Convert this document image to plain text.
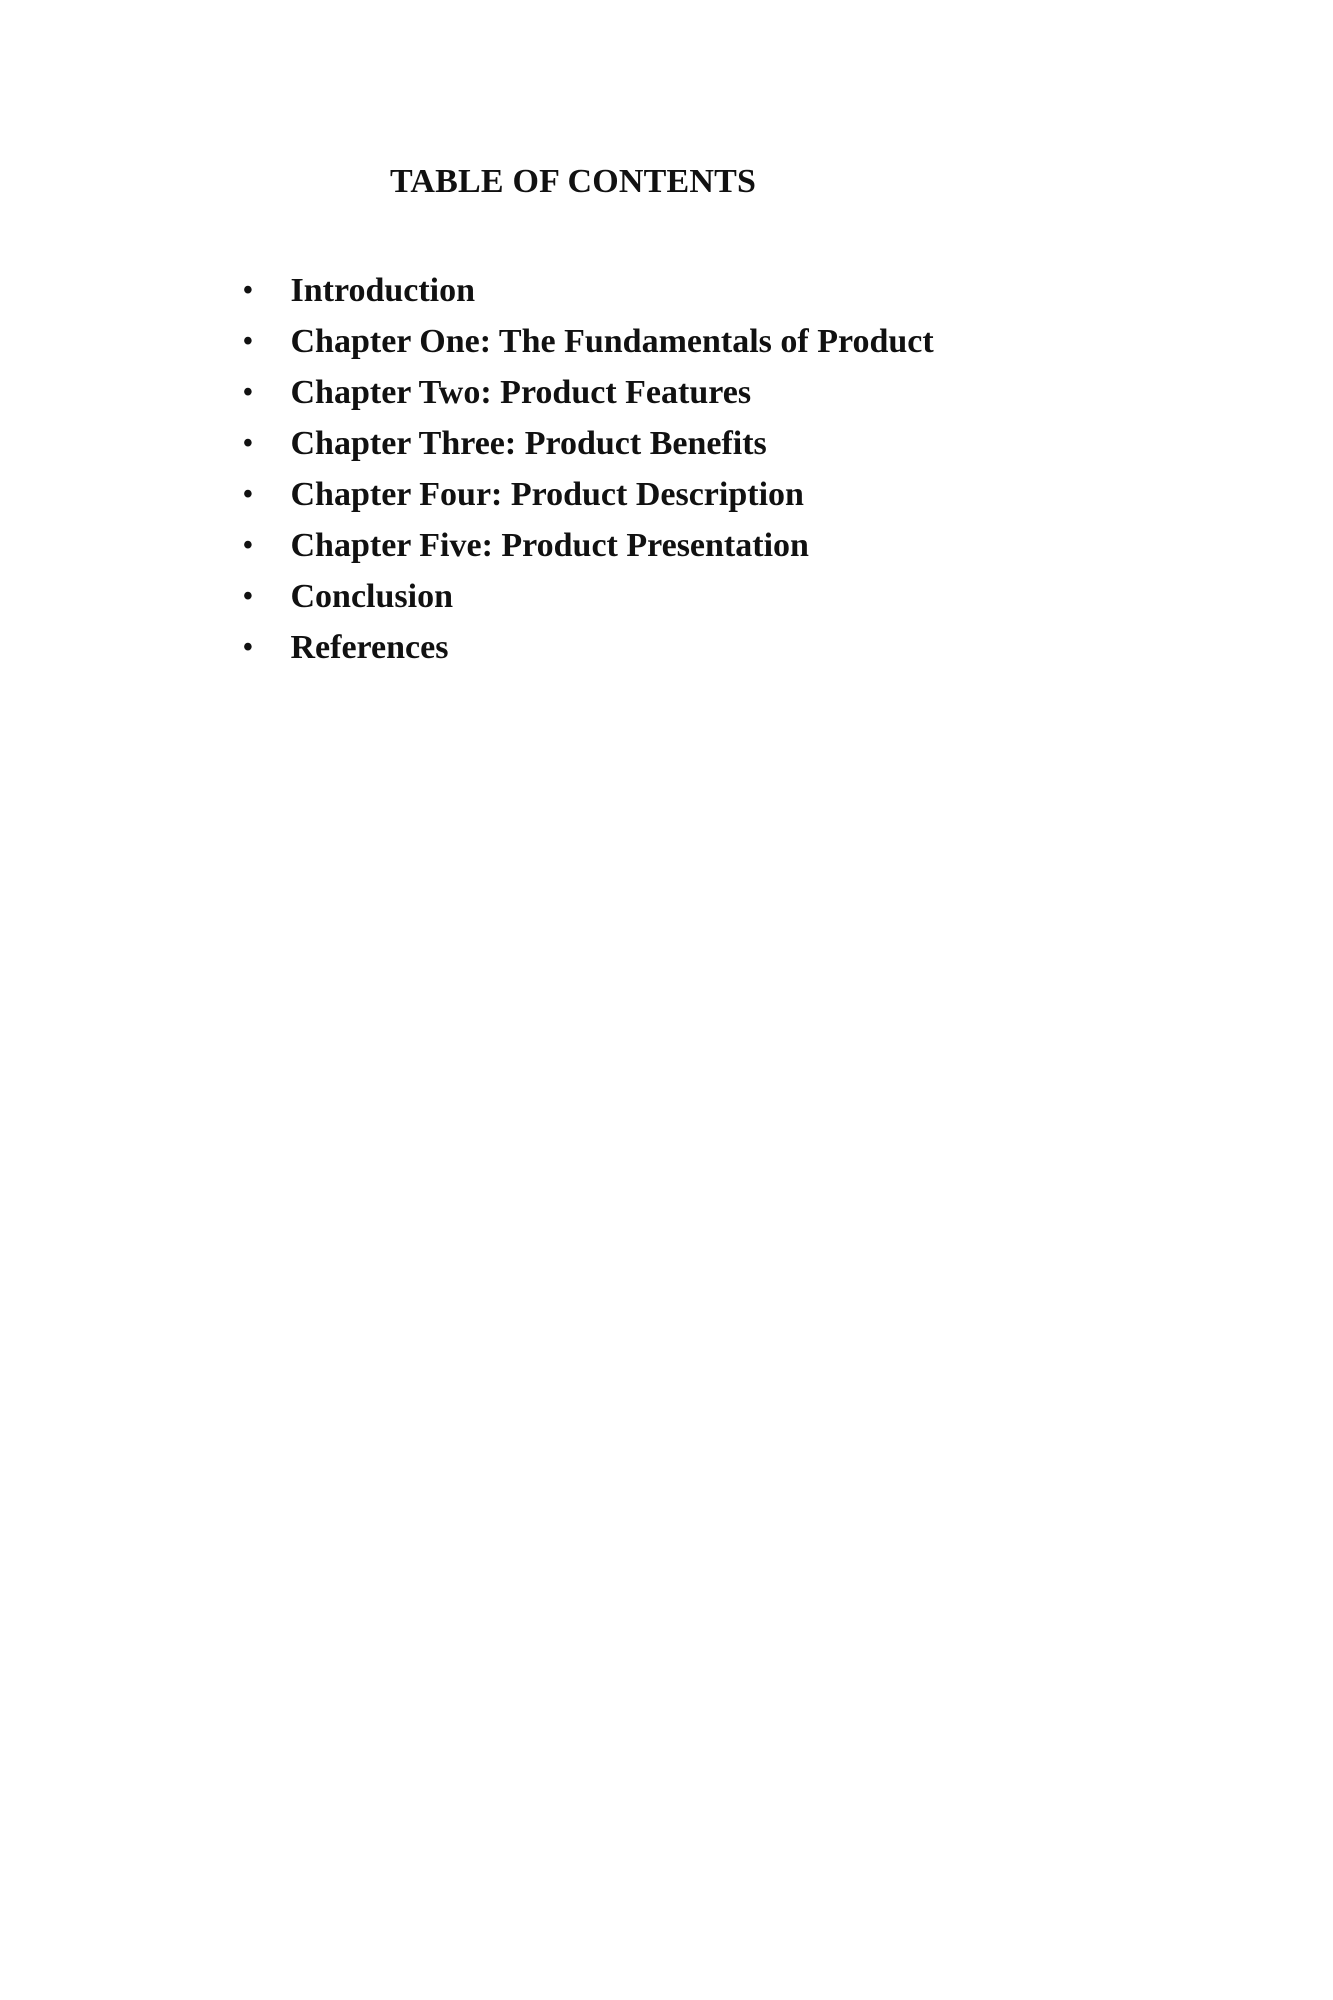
TABLE OF CONTENTS
• Introduction
• Chapter One: The Fundamentals of Product
• Chapter Two: Product Features
• Chapter Three: Product Benefits
• Chapter Four: Product Description
• Chapter Five: Product Presentation
• Conclusion
• References
